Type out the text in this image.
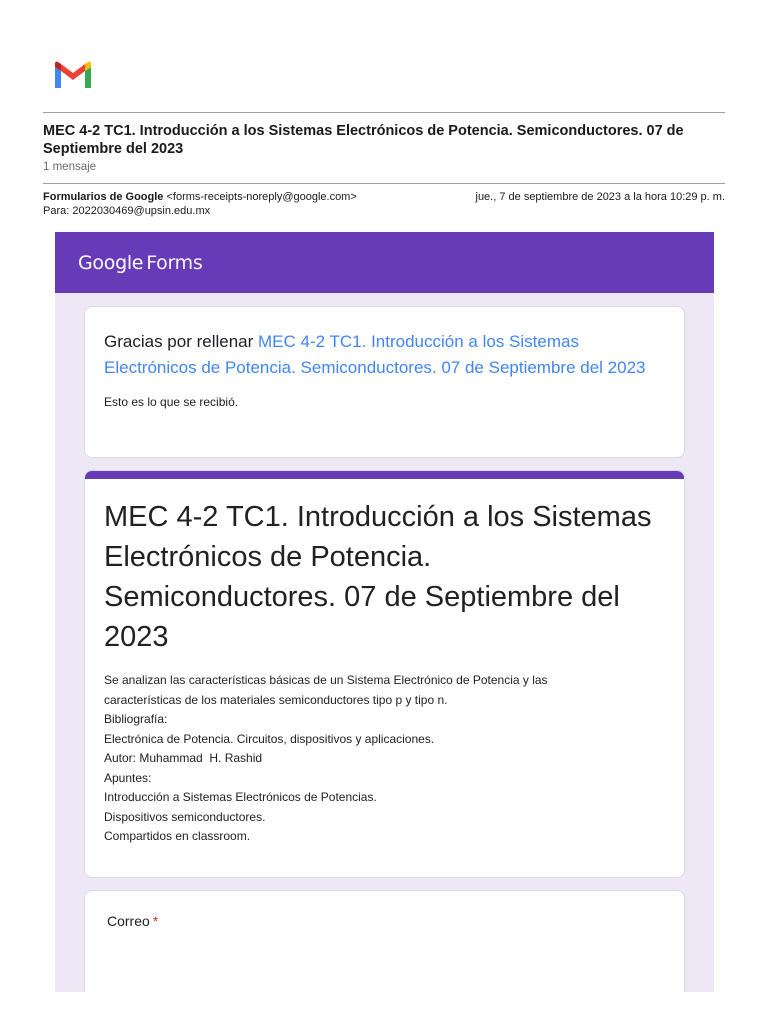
MEC 4-2 TC1. Introducción a los Sistemas Electrónicos de Potencia. Semiconductores. 07 de Septiembre del 2023
1 mensaje
Formularios de Google <forms-receipts-noreply@google.com>	jue., 7 de septiembre de 2023 a la hora 10:29 p. m.
Para: 2022030469@upsin.edu.mx
Google Forms
Gracias por rellenar MEC 4-2 TC1. Introducción a los Sistemas Electrónicos de Potencia. Semiconductores. 07 de Septiembre del 2023
Esto es lo que se recibió.
MEC 4-2 TC1. Introducción a los Sistemas Electrónicos de Potencia. Semiconductores. 07 de Septiembre del 2023
Se analizan las características básicas de un Sistema Electrónico de Potencia y las
características de los materiales semiconductores tipo p y tipo n.
Bibliografía:
Electrónica de Potencia. Circuitos, dispositivos y aplicaciones.
Autor: Muhammad  H. Rashid
Apuntes:
Introducción a Sistemas Electrónicos de Potencias.
Dispositivos semiconductores.
Compartidos en classroom.
Correo *
